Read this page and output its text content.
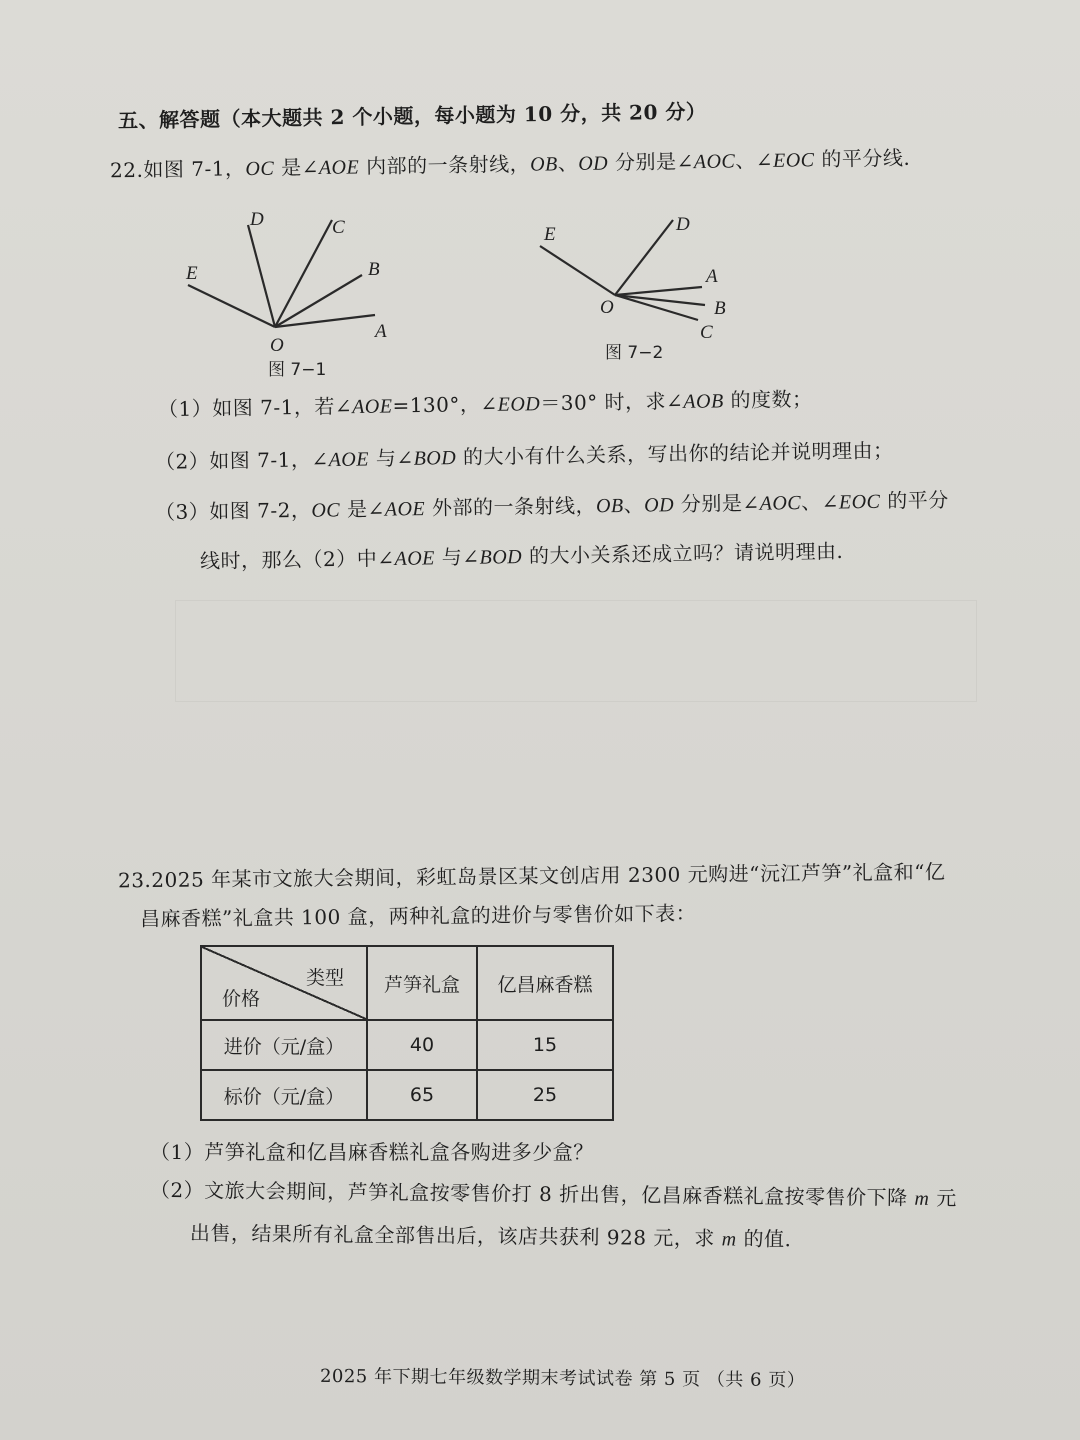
五、解答题（本大题共 2 个小题，每小题为 10 分，共 20 分）
22.如图 7-1，OC 是∠AOE 内部的一条射线，OB、OD 分别是∠AOC、∠EOC 的平分线.
D	C
E	B
O
A
图 7−1
E	D
A
O	B
C
图 7−2
（1）如图 7-1，若∠AOE=130°，∠EOD＝30° 时，求∠AOB 的度数；
（2）如图 7-1，∠AOE 与∠BOD 的大小有什么关系，写出你的结论并说明理由；
（3）如图 7-2，OC 是∠AOE 外部的一条射线，OB、OD 分别是∠AOC、∠EOC 的平分
线时，那么（2）中∠AOE 与∠BOD 的大小关系还成立吗？请说明理由.
23.2025 年某市文旅大会期间，彩虹岛景区某文创店用 2300 元购进“沅江芦笋”礼盒和“亿
昌麻香糕”礼盒共 100 盒，两种礼盒的进价与零售价如下表：
类型
价格	芦笋礼盒	亿昌麻香糕
进价（元/盒）	40	15
标价（元/盒）	65	25
（1）芦笋礼盒和亿昌麻香糕礼盒各购进多少盒？
（2）文旅大会期间，芦笋礼盒按零售价打 8 折出售，亿昌麻香糕礼盒按零售价下降 m 元
出售，结果所有礼盒全部售出后，该店共获利 928 元，求 m 的值.
2025 年下期七年级数学期末考试试卷 第 5 页 （共 6 页）
